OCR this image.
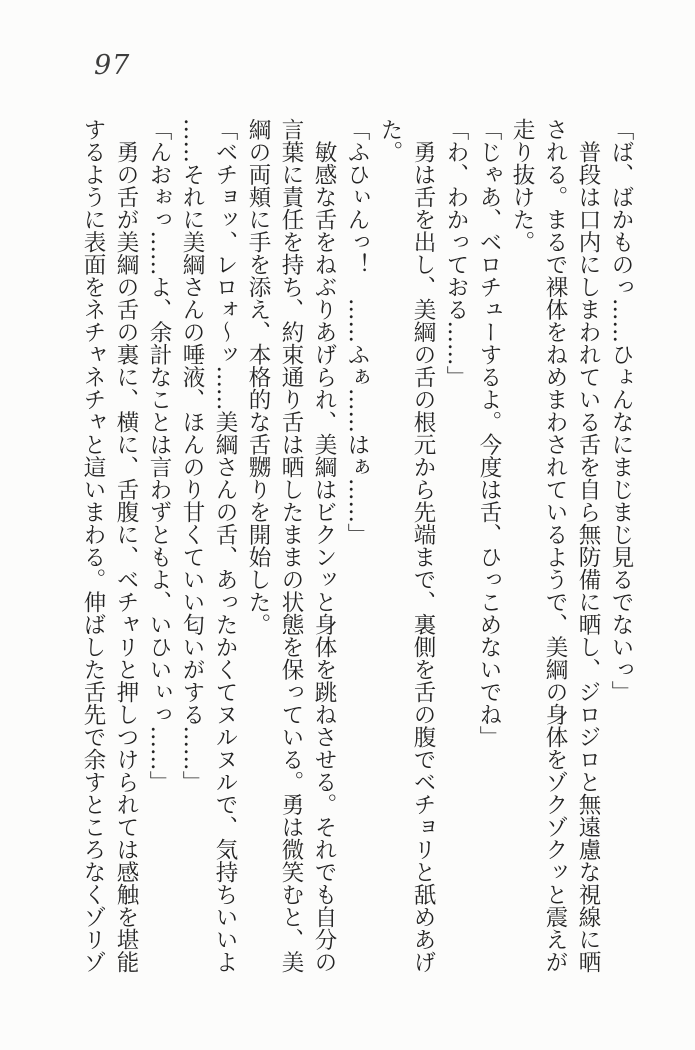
97

「ば、ばかものっ……ひょんなにまじまじ見るでないっ」

　普段は口内にしまわれている舌を自ら無防備に晒し、ジロジロと無遠慮な視線に晒される。まるで裸体をねめまわされているようで、美綱の身体をゾクゾクッと震えが走り抜けた。

「じゃあ、ベロチューするよ。今度は舌、ひっこめないでね」

「わ、わかっておる……」

　勇は舌を出し、美綱の舌の根元から先端まで、裏側を舌の腹でベチョリと舐めあげた。

「ふひぃんっ！　……ふぁ……はぁ……」

　敏感な舌をねぶりあげられ、美綱はビクンッと身体を跳ねさせる。それでも自分の言葉に責任を持ち、約束通り舌は晒したままの状態を保っている。勇は微笑むと、美綱の両頬に手を添え、本格的な舌嬲りを開始した。

「ベチョッ、レロォ〜ッ……美綱さんの舌、あったかくてヌルヌルで、気持ちいいよ……それに美綱さんの唾液、ほんのり甘くていい匂いがする……」

「んおぉっ……よ、余計なことは言わずともよ、いひいぃっ……」

　勇の舌が美綱の舌の裏に、横に、舌腹に、ベチャリと押しつけられては感触を堪能するように表面をネチャネチャと這いまわる。伸ばした舌先で余すところなくゾリゾ
